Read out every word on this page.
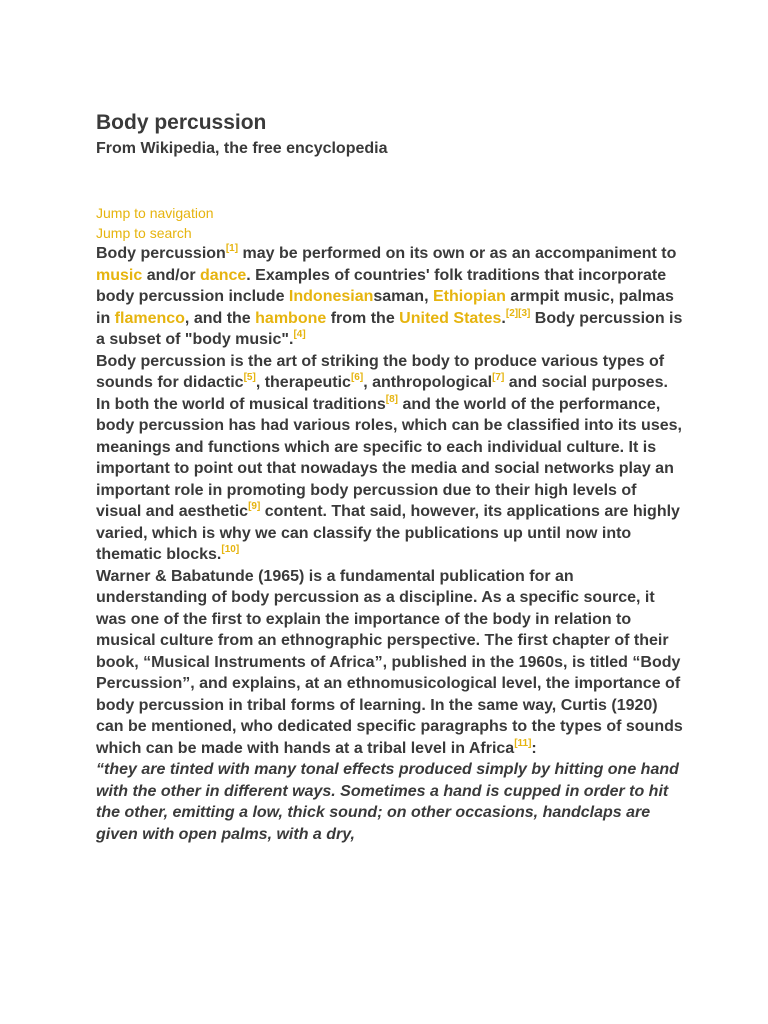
Body percussion
From Wikipedia, the free encyclopedia
Jump to navigation
Jump to search

Body percussion[1] may be performed on its own or as an accompaniment to music and/or dance. Examples of countries' folk traditions that incorporate body percussion include Indonesiansaman, Ethiopian armpit music, palmas in flamenco, and the hambone from the United States.[2][3] Body percussion is a subset of "body music".[4]

Body percussion is the art of striking the body to produce various types of sounds for didactic[5], therapeutic[6], anthropological[7] and social purposes. In both the world of musical traditions[8] and the world of the performance, body percussion has had various roles, which can be classified into its uses, meanings and functions which are specific to each individual culture. It is important to point out that nowadays the media and social networks play an important role in promoting body percussion due to their high levels of visual and aesthetic[9] content. That said, however, its applications are highly varied, which is why we can classify the publications up until now into thematic blocks.[10]

Warner & Babatunde (1965) is a fundamental publication for an understanding of body percussion as a discipline. As a specific source, it was one of the first to explain the importance of the body in relation to musical culture from an ethnographic perspective. The first chapter of their book, “Musical Instruments of Africa”, published in the 1960s, is titled “Body Percussion”, and explains, at an ethnomusicological level, the importance of body percussion in tribal forms of learning. In the same way, Curtis (1920) can be mentioned, who dedicated specific paragraphs to the types of sounds which can be made with hands at a tribal level in Africa[11]:

“they are tinted with many tonal effects produced simply by hitting one hand with the other in different ways. Sometimes a hand is cupped in order to hit the other, emitting a low, thick sound; on other occasions, handclaps are given with open palms, with a dry,
